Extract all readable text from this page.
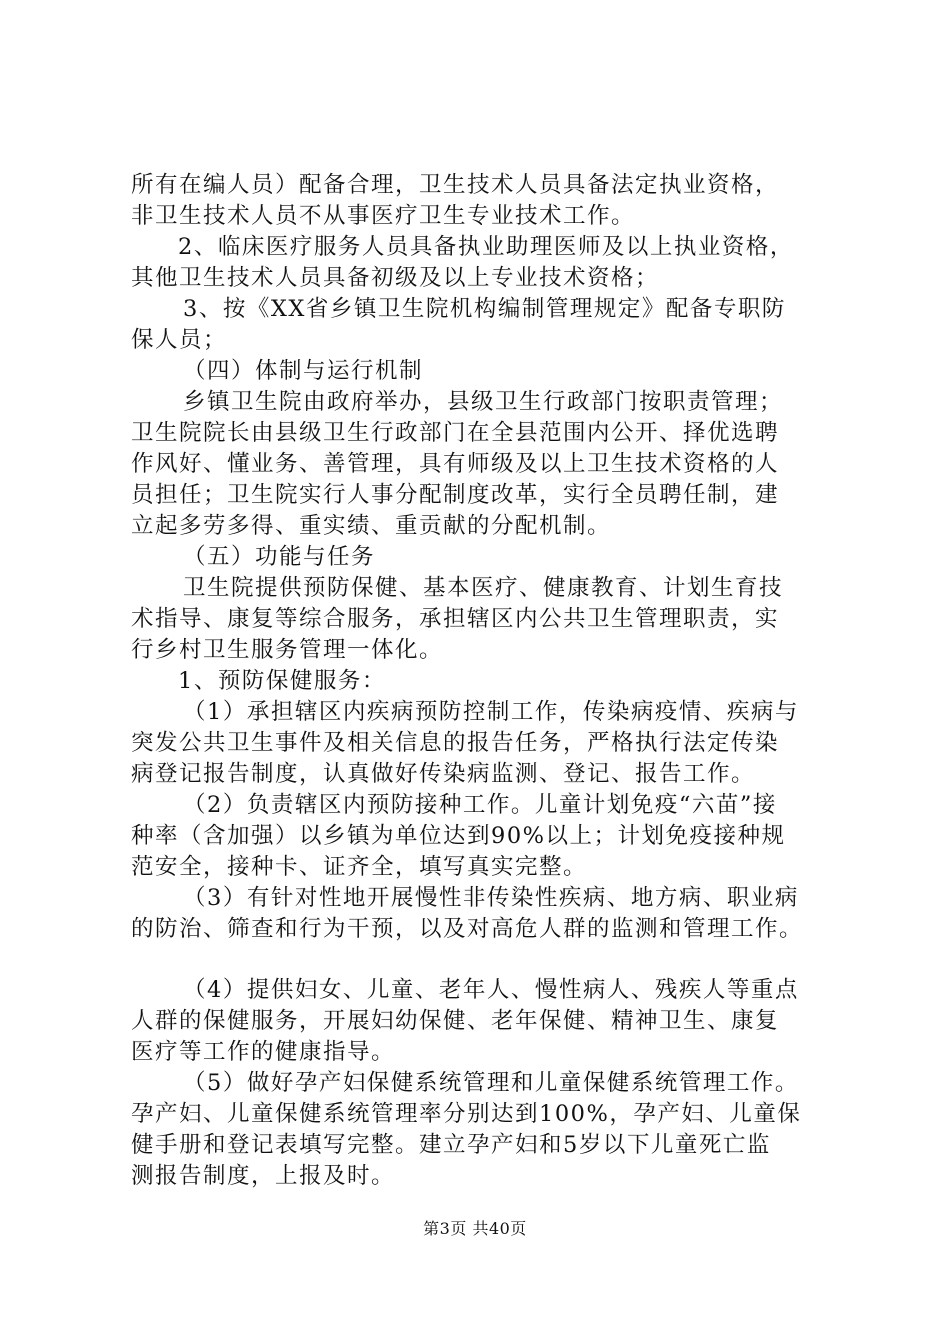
所有在编人员）配备合理，卫生技术人员具备法定执业资格，
非卫生技术人员不从事医疗卫生专业技术工作。
2、临床医疗服务人员具备执业助理医师及以上执业资格，
其他卫生技术人员具备初级及以上专业技术资格；
3、按《XX省乡镇卫生院机构编制管理规定》配备专职防
保人员；
（四）体制与运行机制
乡镇卫生院由政府举办，县级卫生行政部门按职责管理；
卫生院院长由县级卫生行政部门在全县范围内公开、择优选聘
作风好、懂业务、善管理，具有师级及以上卫生技术资格的人
员担任；卫生院实行人事分配制度改革，实行全员聘任制，建
立起多劳多得、重实绩、重贡献的分配机制。
（五）功能与任务
卫生院提供预防保健、基本医疗、健康教育、计划生育技
术指导、康复等综合服务，承担辖区内公共卫生管理职责，实
行乡村卫生服务管理一体化。
1、预防保健服务：
（1）承担辖区内疾病预防控制工作，传染病疫情、疾病与
突发公共卫生事件及相关信息的报告任务，严格执行法定传染
病登记报告制度，认真做好传染病监测、登记、报告工作。
（2）负责辖区内预防接种工作。儿童计划免疫“六苗”接
种率（含加强）以乡镇为单位达到90%以上；计划免疫接种规
范安全，接种卡、证齐全，填写真实完整。
（3）有针对性地开展慢性非传染性疾病、地方病、职业病
的防治、筛查和行为干预，以及对高危人群的监测和管理工作。
（4）提供妇女、儿童、老年人、慢性病人、残疾人等重点
人群的保健服务，开展妇幼保健、老年保健、精神卫生、康复
医疗等工作的健康指导。
（5）做好孕产妇保健系统管理和儿童保健系统管理工作。
孕产妇、儿童保健系统管理率分别达到100%，孕产妇、儿童保
健手册和登记表填写完整。建立孕产妇和5岁以下儿童死亡监
测报告制度，上报及时。
第3页 共40页
